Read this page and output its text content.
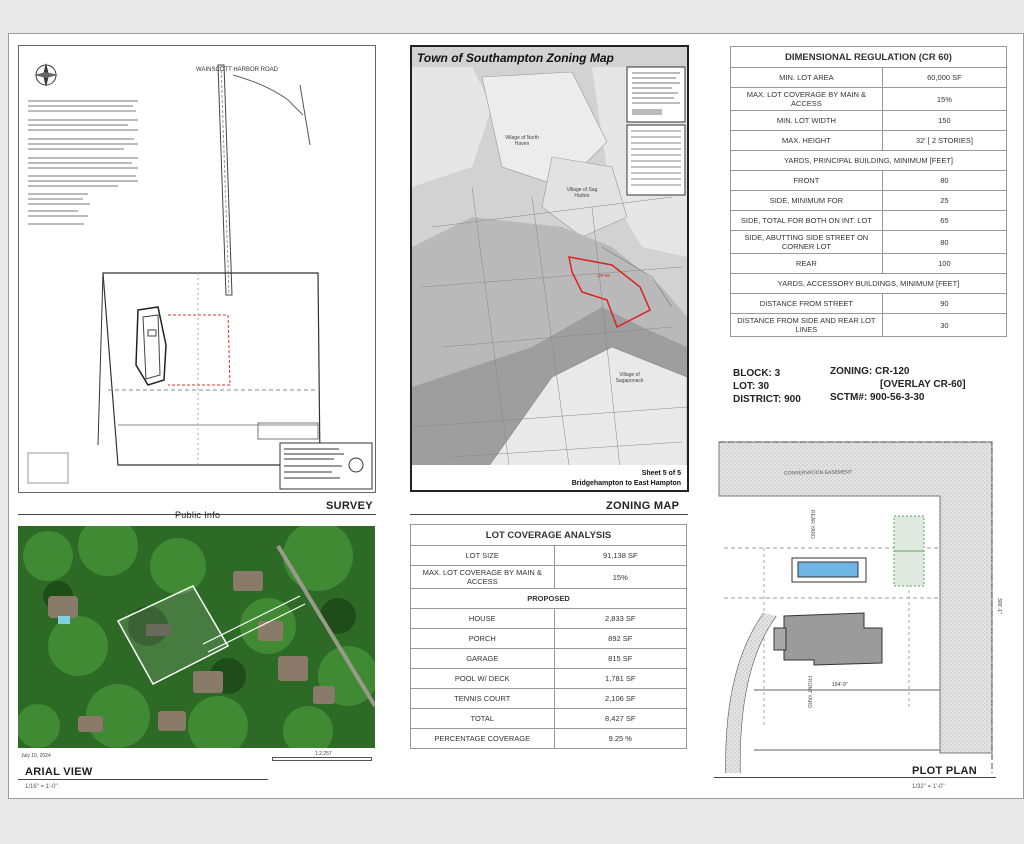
WAINSCOTT HARBOR ROAD
SURVEY
Public Info
Town of Southampton Zoning Map
Village of North Haven
Village of Sag Harbor
Village of Sagaponack
CR-60
Sheet 5 of 5
Bridgehampton to East Hampton
ZONING MAP
DIMENSIONAL REGULATION (CR 60)	
MIN. LOT AREA	60,000 SF
MAX. LOT COVERAGE BY MAIN & ACCESS	15%
MIN. LOT WIDTH	150
MAX. HEIGHT	32' [ 2 STORIES]
YARDS, PRINCIPAL BUILDING, MINIMUM [FEET]	
FRONT	80
SIDE, MINIMUM FOR	25
SIDE, TOTAL FOR BOTH ON INT. LOT	65
SIDE, ABUTTING SIDE STREET ON CORNER LOT	80
REAR	100
YARDS, ACCESSORY BUILDINGS, MINIMUM [FEET]	
DISTANCE FROM STREET	90
DISTANCE FROM SIDE AND REAR LOT LINES	30
BLOCK: 3
LOT: 30
DISTRICT: 900
ZONING: CR-120
[OVERLAY CR-60]
SCTM#: 900-56-3-30
LOT COVERAGE ANALYSIS	
LOT SIZE	91,138 SF
MAX. LOT COVERAGE BY MAIN & ACCESS	15%
PROPOSED	
HOUSE	2,833 SF
PORCH	892 SF
GARAGE	815 SF
POOL W/ DECK	1,781 SF
TENNIS COURT	2,106 SF
TOTAL	8,427 SF
PERCENTAGE COVERAGE	9.25 %
July 10, 2024	1:2,257
ARIAL VIEW
1/16" = 1'-0"
CONSERVATION EASEMENT
FRONT YARD
REAR YARD
154'-9"
300'-1"
PLOT PLAN
1/32" = 1'-0"
